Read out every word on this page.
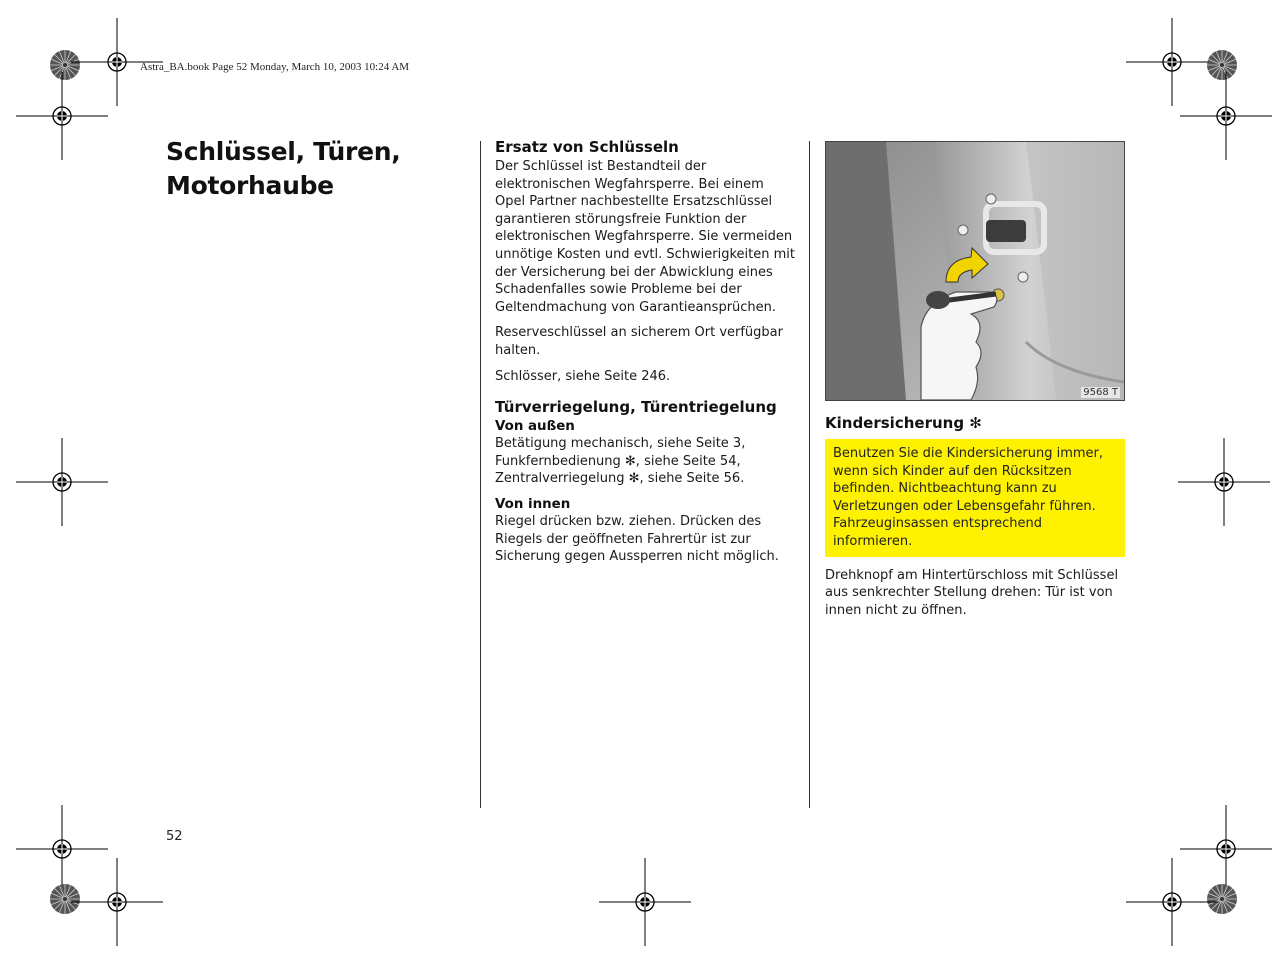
Astra_BA.book Page 52 Monday, March 10, 2003 10:24 AM
Schlüssel, Türen, Motorhaube
Ersatz von Schlüsseln

Der Schlüssel ist Bestandteil der elektronischen Wegfahrsperre. Bei einem Opel Partner nachbestellte Ersatzschlüssel garantieren störungsfreie Funktion der elektronischen Wegfahrsperre. Sie vermeiden unnötige Kosten und evtl. Schwierigkeiten mit der Versicherung bei der Abwicklung eines Schadenfalles sowie Probleme bei der Geltendmachung von Garantieansprüchen.

Reserveschlüssel an sicherem Ort verfügbar halten.

Schlösser, siehe Seite 246.

Türverriegelung, Türentriegelung
Von außen
Betätigung mechanisch, siehe Seite 3,
Funkfernbedienung ✻, siehe Seite 54,
Zentralverriegelung ✻, siehe Seite 56.
Von innen

Riegel drücken bzw. ziehen. Drücken des Riegels der geöffneten Fahrertür ist zur Sicherung gegen Aussperren nicht möglich.

9568 T
Kindersicherung ✻
Benutzen Sie die Kindersicherung immer, wenn sich Kinder auf den Rücksitzen befinden. Nichtbeachtung kann zu Verletzungen oder Lebensgefahr führen. Fahrzeuginsassen entsprechend informieren.

Drehknopf am Hintertürschloss mit Schlüssel aus senkrechter Stellung drehen: Tür ist von innen nicht zu öffnen.

52
